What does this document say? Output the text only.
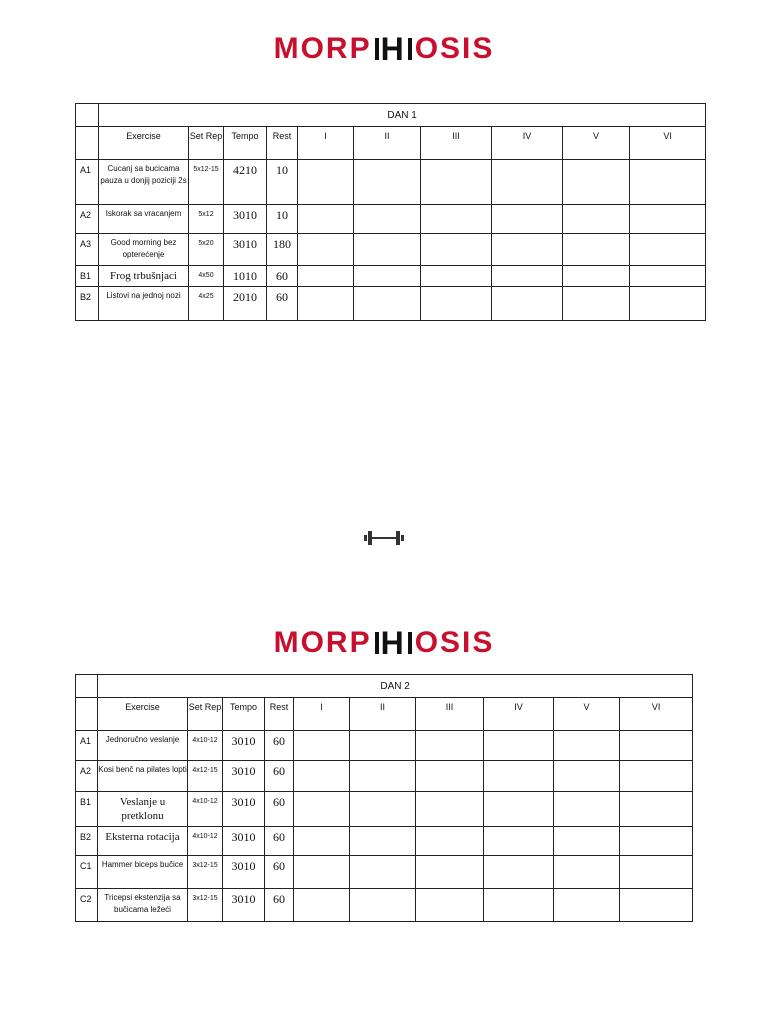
MORP H OSIS
	DAN 1									
	Exercise	Set Rep	Tempo	Rest	I	II	III	IV	V	VI
A1	Cucanj sa bucicama pauza u donjij poziciji 2s	5x12-15	4210	10						
A2	Iskorak sa vracanjem	5x12	3010	10						
A3	Good morning bez opterećenje	5x20	3010	180						
B1	Frog trbušnjaci	4x50	1010	60						
B2	Listovi na jednoj nozi	4x25	2010	60						
MORP H OSIS
	DAN 2									
	Exercise	Set Rep	Tempo	Rest	I	II	III	IV	V	VI
A1	Jednoručno veslanje	4x10-12	3010	60						
A2	Kosi benč na pilates lopti	4x12-15	3010	60						
B1	Veslanje u pretklonu	4x10-12	3010	60						
B2	Eksterna rotacija	4x10-12	3010	60						
C1	Hammer biceps bučice	3x12-15	3010	60						
C2	Tricepsi ekstenzija sa bučicama ležeći	3x12-15	3010	60						
